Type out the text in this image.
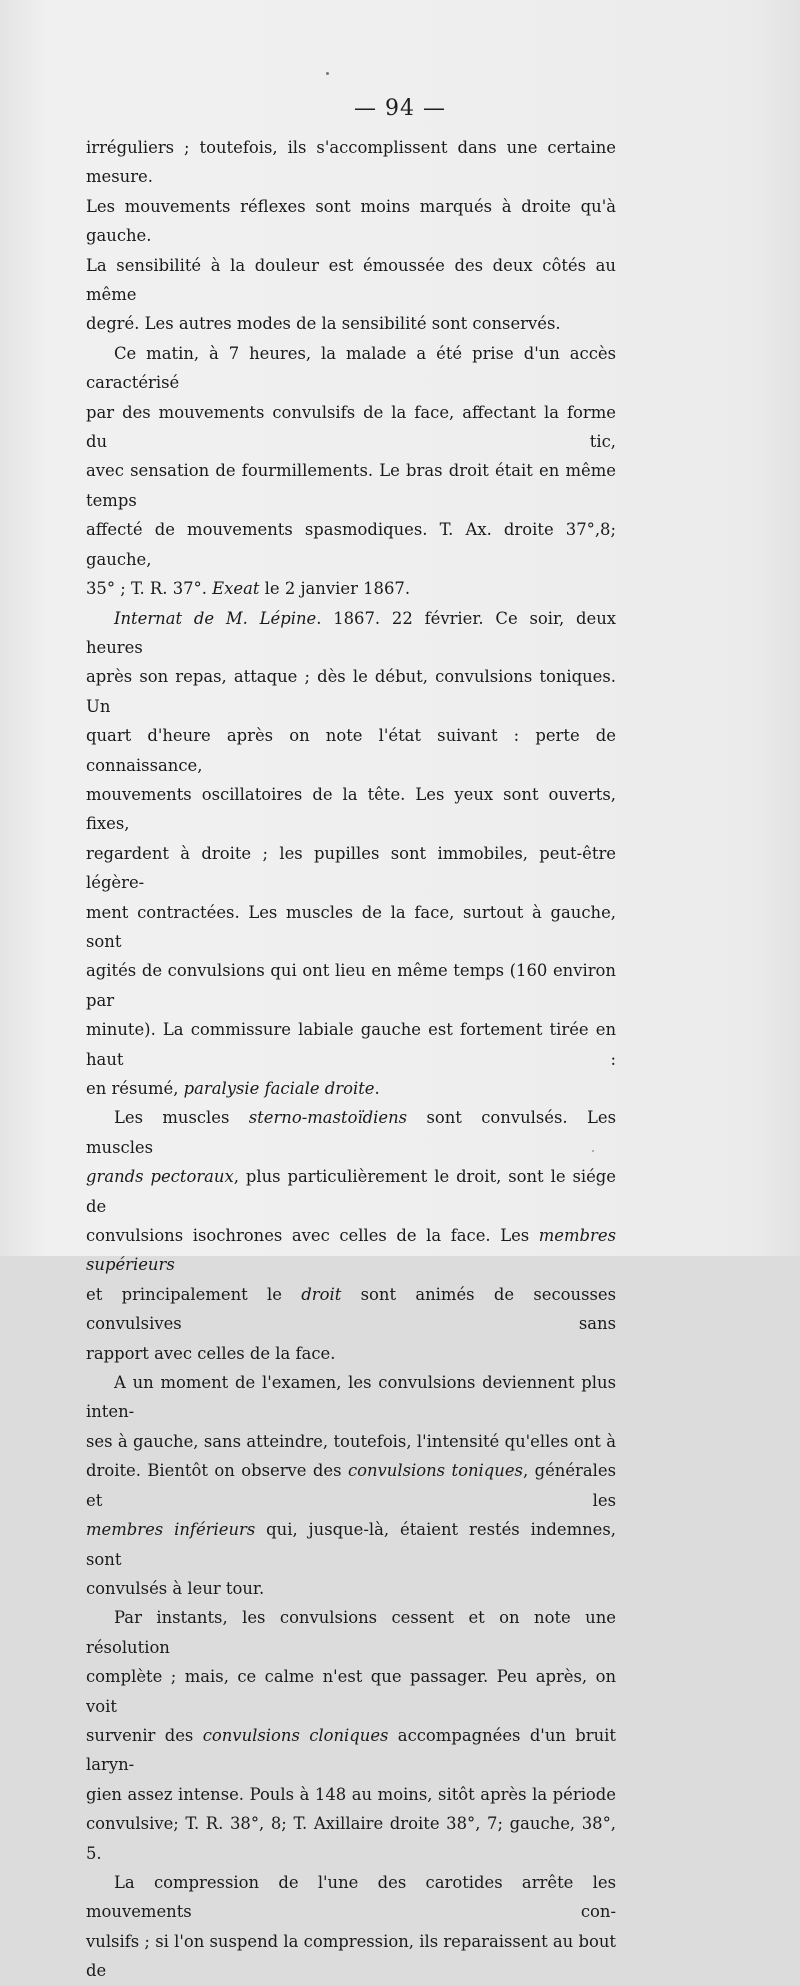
— 94 —

irréguliers ; toutefois, ils s'accomplissent dans une certaine mesure.

Les mouvements réflexes sont moins marqués à droite qu'à gauche.

La sensibilité à la douleur est émoussée des deux côtés au même

degré. Les autres modes de la sensibilité sont conservés.

Ce matin, à 7 heures, la malade a été prise d'un accès caractérisé

par des mouvements convulsifs de la face, affectant la forme du tic,

avec sensation de fourmillements. Le bras droit était en même temps

affecté de mouvements spasmodiques. T. Ax. droite 37°,8; gauche,

35° ; T. R. 37°. Exeat le 2 janvier 1867.

Internat de M. Lépine. 1867. 22 février. Ce soir, deux heures

après son repas, attaque ; dès le début, convulsions toniques. Un

quart d'heure après on note l'état suivant : perte de connaissance,

mouvements oscillatoires de la tête. Les yeux sont ouverts, fixes,

regardent à droite ; les pupilles sont immobiles, peut-être légère-

ment contractées. Les muscles de la face, surtout à gauche, sont

agités de convulsions qui ont lieu en même temps (160 environ par

minute). La commissure labiale gauche est fortement tirée en haut :

en résumé, paralysie faciale droite.

Les muscles sterno-mastoïdiens sont convulsés. Les muscles

grands pectoraux, plus particulièrement le droit, sont le siége de

convulsions isochrones avec celles de la face. Les membres supérieurs

et principalement le droit sont animés de secousses convulsives sans

rapport avec celles de la face.

A un moment de l'examen, les convulsions deviennent plus inten-

ses à gauche, sans atteindre, toutefois, l'intensité qu'elles ont à

droite. Bientôt on observe des convulsions toniques, générales et les

membres inférieurs qui, jusque-là, étaient restés indemnes, sont

convulsés à leur tour.

Par instants, les convulsions cessent et on note une résolution

complète ; mais, ce calme n'est que passager. Peu après, on voit

survenir des convulsions cloniques accompagnées d'un bruit laryn-

gien assez intense. Pouls à 148 au moins, sitôt après la période

convulsive; T. R. 38°, 8; T. Axillaire droite 38°, 7; gauche, 38°, 5.

La compression de l'une des carotides arrête les mouvements con-

vulsifs ; si l'on suspend la compression, ils reparaissent au bout de
